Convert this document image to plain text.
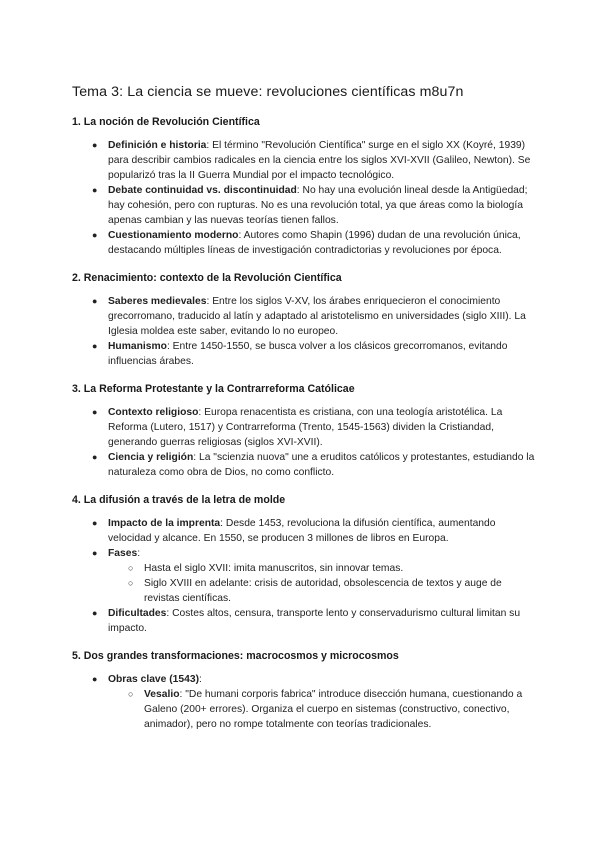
Tema 3: La ciencia se mueve: revoluciones científicas m8u7n
1. La noción de Revolución Científica
● Definición e historia: El término "Revolución Científica" surge en el siglo XX (Koyré, 1939) para describir cambios radicales en la ciencia entre los siglos XVI-XVII (Galileo, Newton). Se popularizó tras la II Guerra Mundial por el impacto tecnológico.
● Debate continuidad vs. discontinuidad: No hay una evolución lineal desde la Antigüedad; hay cohesión, pero con rupturas. No es una revolución total, ya que áreas como la biología apenas cambian y las nuevas teorías tienen fallos.
● Cuestionamiento moderno: Autores como Shapin (1996) dudan de una revolución única, destacando múltiples líneas de investigación contradictorias y revoluciones por época.
2. Renacimiento: contexto de la Revolución Científica
● Saberes medievales: Entre los siglos V-XV, los árabes enriquecieron el conocimiento grecorromano, traducido al latín y adaptado al aristotelismo en universidades (siglo XIII). La Iglesia moldea este saber, evitando lo no europeo.
● Humanismo: Entre 1450-1550, se busca volver a los clásicos grecorromanos, evitando influencias árabes.
3. La Reforma Protestante y la Contrarreforma Católicae
● Contexto religioso: Europa renacentista es cristiana, con una teología aristotélica. La Reforma (Lutero, 1517) y Contrarreforma (Trento, 1545-1563) dividen la Cristiandad, generando guerras religiosas (siglos XVI-XVII).
● Ciencia y religión: La "scienzia nuova" une a eruditos católicos y protestantes, estudiando la naturaleza como obra de Dios, no como conflicto.
4. La difusión a través de la letra de molde
● Impacto de la imprenta: Desde 1453, revoluciona la difusión científica, aumentando velocidad y alcance. En 1550, se producen 3 millones de libros en Europa.
● Fases:
○ Hasta el siglo XVII: imita manuscritos, sin innovar temas.
○ Siglo XVIII en adelante: crisis de autoridad, obsolescencia de textos y auge de revistas científicas.
● Dificultades: Costes altos, censura, transporte lento y conservadurismo cultural limitan su impacto.
5. Dos grandes transformaciones: macrocosmos y microcosmos
● Obras clave (1543):
○ Vesalio: "De humani corporis fabrica" introduce disección humana, cuestionando a Galeno (200+ errores). Organiza el cuerpo en sistemas (constructivo, conectivo, animador), pero no rompe totalmente con teorías tradicionales.
